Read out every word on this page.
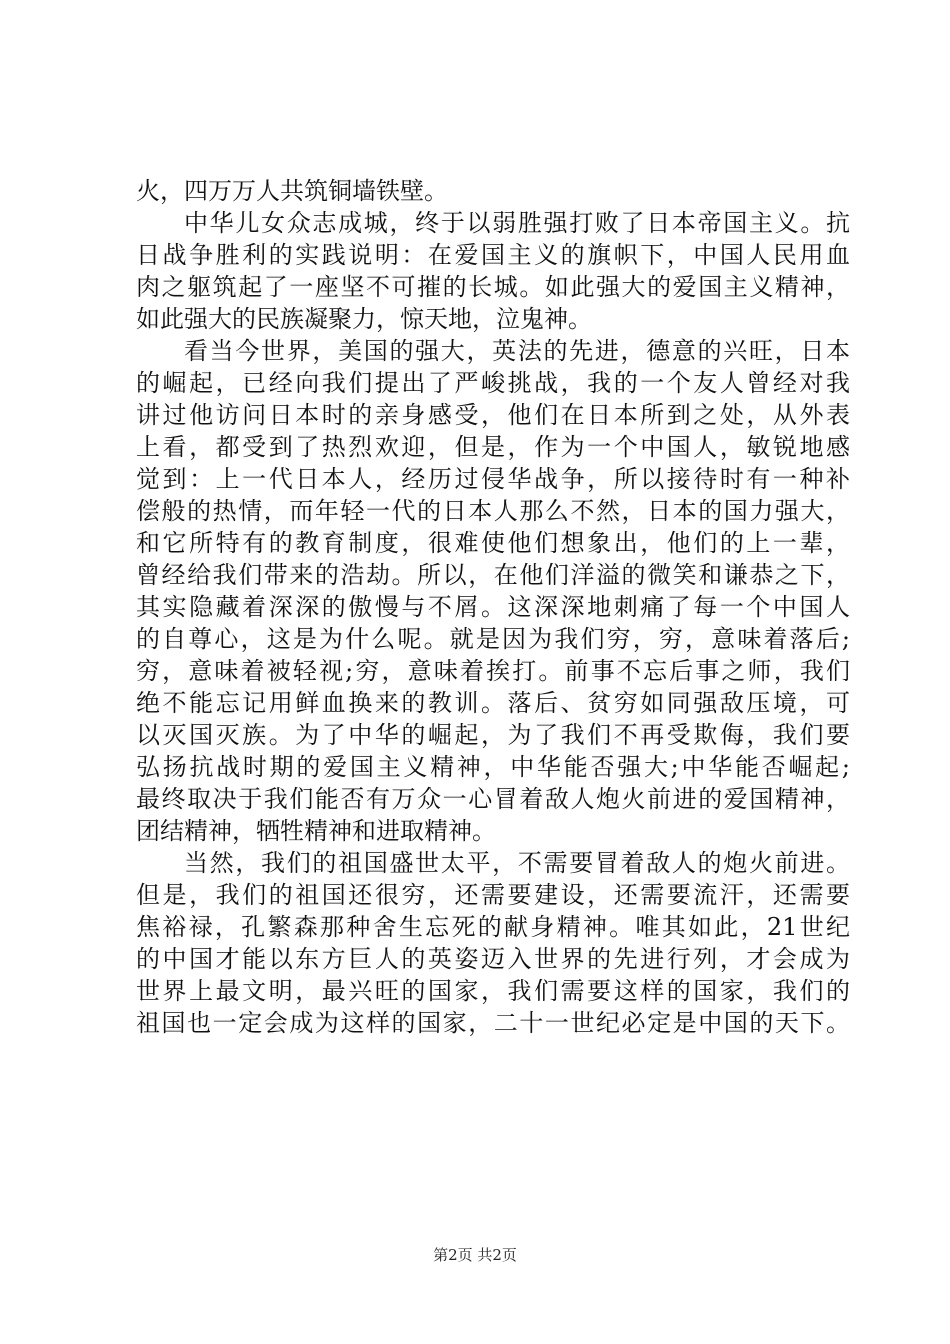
火，四万万人共筑铜墙铁壁。
中华儿女众志成城，终于以弱胜强打败了日本帝国主义。抗
日战争胜利的实践说明：在爱国主义的旗帜下，中国人民用血
肉之躯筑起了一座坚不可摧的长城。如此强大的爱国主义精神，
如此强大的民族凝聚力，惊天地，泣鬼神。
看当今世界，美国的强大，英法的先进，德意的兴旺，日本
的崛起，已经向我们提出了严峻挑战，我的一个友人曾经对我
讲过他访问日本时的亲身感受，他们在日本所到之处，从外表
上看，都受到了热烈欢迎，但是，作为一个中国人，敏锐地感
觉到：上一代日本人，经历过侵华战争，所以接待时有一种补
偿般的热情，而年轻一代的日本人那么不然，日本的国力强大，
和它所特有的教育制度，很难使他们想象出，他们的上一辈，
曾经给我们带来的浩劫。所以，在他们洋溢的微笑和谦恭之下，
其实隐藏着深深的傲慢与不屑。这深深地刺痛了每一个中国人
的自尊心，这是为什么呢。就是因为我们穷，穷，意味着落后;
穷，意味着被轻视;穷，意味着挨打。前事不忘后事之师，我们
绝不能忘记用鲜血换来的教训。落后、贫穷如同强敌压境，可
以灭国灭族。为了中华的崛起，为了我们不再受欺侮，我们要
弘扬抗战时期的爱国主义精神，中华能否强大;中华能否崛起;
最终取决于我们能否有万众一心冒着敌人炮火前进的爱国精神，
团结精神，牺牲精神和进取精神。
当然，我们的祖国盛世太平，不需要冒着敌人的炮火前进。
但是，我们的祖国还很穷，还需要建设，还需要流汗，还需要
焦裕禄，孔繁森那种舍生忘死的献身精神。唯其如此，21世纪
的中国才能以东方巨人的英姿迈入世界的先进行列，才会成为
世界上最文明，最兴旺的国家，我们需要这样的国家，我们的
祖国也一定会成为这样的国家，二十一世纪必定是中国的天下。
第2页 共2页
